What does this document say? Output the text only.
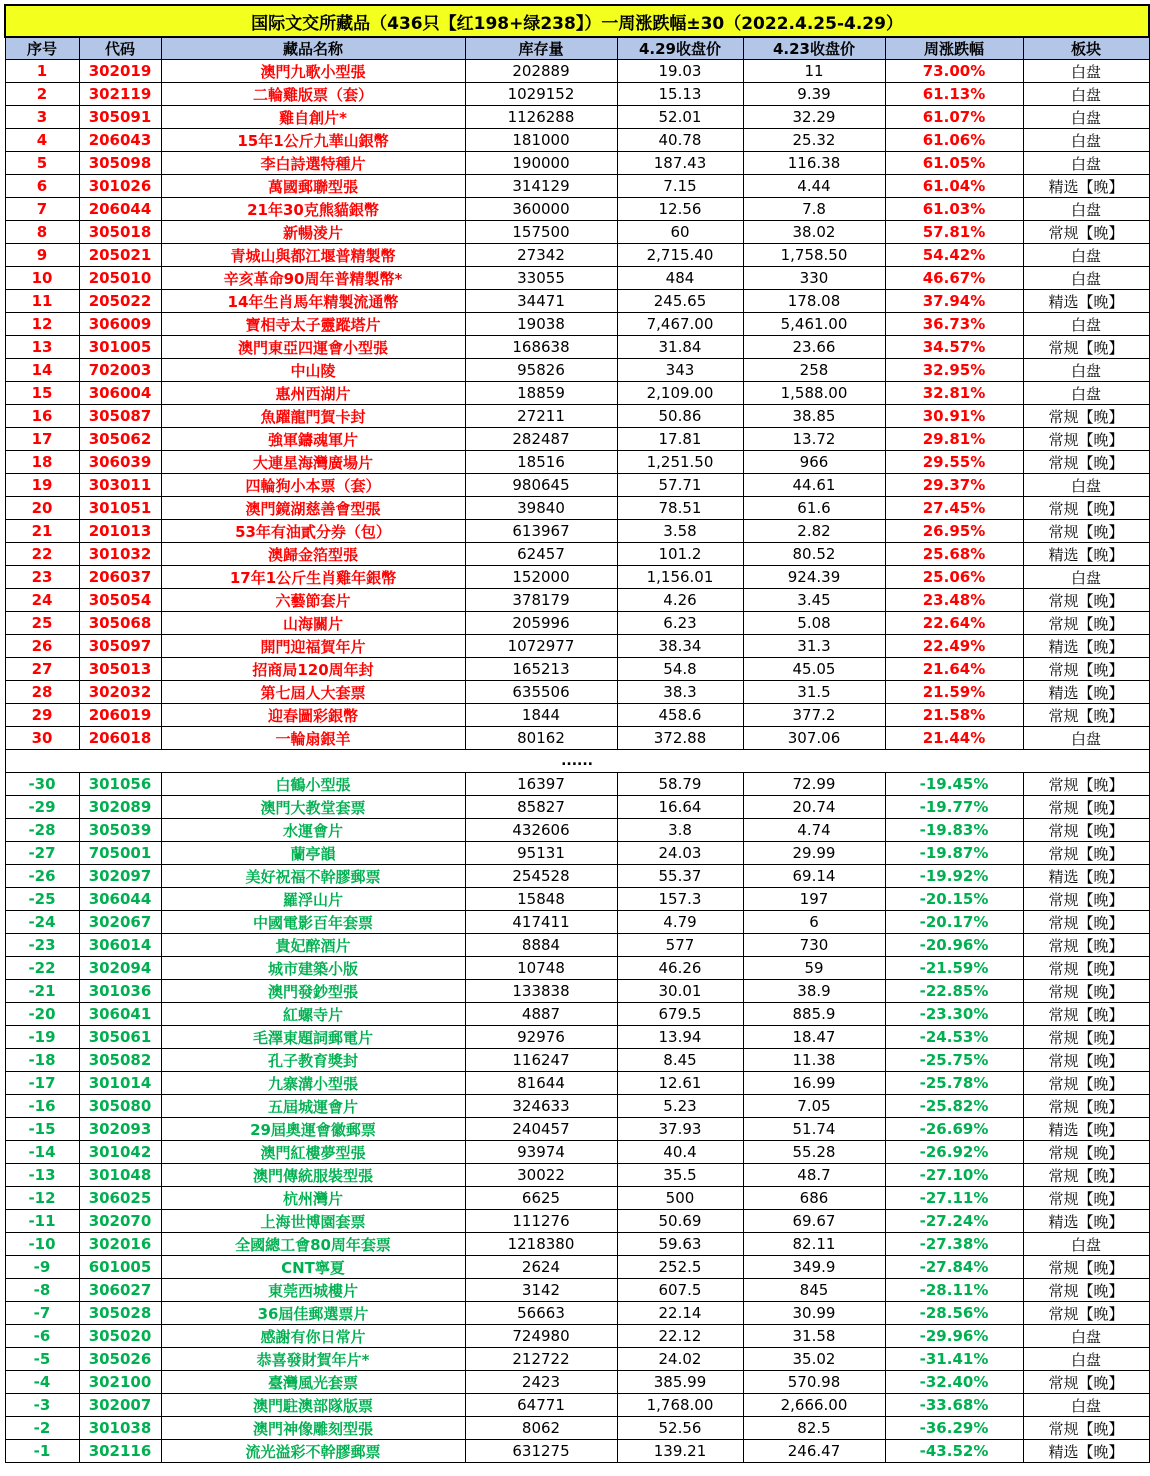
国际文交所藏品（436只【红198+绿238】）一周涨跌幅±30（2022.4.25-4.29）							
序号	代码	藏品名称	库存量	4.29收盘价	4.23收盘价	周涨跌幅	板块
1	302019	澳門九歌小型張	202889	19.03	11	73.00%	白盘
2	302119	二輪雞版票（套）	1029152	15.13	9.39	61.13%	白盘
3	305091	雞自創片*	1126288	52.01	32.29	61.07%	白盘
4	206043	15年1公斤九華山銀幣	181000	40.78	25.32	61.06%	白盘
5	305098	李白詩選特種片	190000	187.43	116.38	61.05%	白盘
6	301026	萬國郵聯型張	314129	7.15	4.44	61.04%	精选【晚】
7	206044	21年30克熊貓銀幣	360000	12.56	7.8	61.03%	白盘
8	305018	新暢淩片	157500	60	38.02	57.81%	常规【晚】
9	205021	青城山與都江堰普精製幣	27342	2,715.40	1,758.50	54.42%	白盘
10	205010	辛亥革命90周年普精製幣*	33055	484	330	46.67%	白盘
11	205022	14年生肖馬年精製流通幣	34471	245.65	178.08	37.94%	精选【晚】
12	306009	寶相寺太子靈蹤塔片	19038	7,467.00	5,461.00	36.73%	白盘
13	301005	澳門東亞四運會小型張	168638	31.84	23.66	34.57%	常规【晚】
14	702003	中山陵	95826	343	258	32.95%	白盘
15	306004	惠州西湖片	18859	2,109.00	1,588.00	32.81%	白盘
16	305087	魚躍龍門賀卡封	27211	50.86	38.85	30.91%	常规【晚】
17	305062	強軍鑄魂軍片	282487	17.81	13.72	29.81%	常规【晚】
18	306039	大連星海灣廣場片	18516	1,251.50	966	29.55%	常规【晚】
19	303011	四輪狗小本票（套）	980645	57.71	44.61	29.37%	白盘
20	301051	澳門鏡湖慈善會型張	39840	78.51	61.6	27.45%	常规【晚】
21	201013	53年有油貳分券（包）	613967	3.58	2.82	26.95%	常规【晚】
22	301032	澳歸金箔型張	62457	101.2	80.52	25.68%	精选【晚】
23	206037	17年1公斤生肖雞年銀幣	152000	1,156.01	924.39	25.06%	白盘
24	305054	六藝節套片	378179	4.26	3.45	23.48%	常规【晚】
25	305068	山海關片	205996	6.23	5.08	22.64%	常规【晚】
26	305097	開門迎福賀年片	1072977	38.34	31.3	22.49%	精选【晚】
27	305013	招商局120周年封	165213	54.8	45.05	21.64%	常规【晚】
28	302032	第七屆人大套票	635506	38.3	31.5	21.59%	精选【晚】
29	206019	迎春圖彩銀幣	1844	458.6	377.2	21.58%	常规【晚】
30	206018	一輪扇銀羊	80162	372.88	307.06	21.44%	白盘
......							
-30	301056	白鶴小型張	16397	58.79	72.99	-19.45%	常规【晚】
-29	302089	澳門大教堂套票	85827	16.64	20.74	-19.77%	常规【晚】
-28	305039	水運會片	432606	3.8	4.74	-19.83%	常规【晚】
-27	705001	蘭亭韻	95131	24.03	29.99	-19.87%	常规【晚】
-26	302097	美好祝福不幹膠郵票	254528	55.37	69.14	-19.92%	精选【晚】
-25	306044	羅浮山片	15848	157.3	197	-20.15%	常规【晚】
-24	302067	中國電影百年套票	417411	4.79	6	-20.17%	常规【晚】
-23	306014	貴妃醉酒片	8884	577	730	-20.96%	常规【晚】
-22	302094	城市建築小版	10748	46.26	59	-21.59%	常规【晚】
-21	301036	澳門發鈔型張	133838	30.01	38.9	-22.85%	常规【晚】
-20	306041	紅螺寺片	4887	679.5	885.9	-23.30%	常规【晚】
-19	305061	毛澤東題詞郵電片	92976	13.94	18.47	-24.53%	常规【晚】
-18	305082	孔子教育獎封	116247	8.45	11.38	-25.75%	常规【晚】
-17	301014	九寨溝小型張	81644	12.61	16.99	-25.78%	常规【晚】
-16	305080	五屆城運會片	324633	5.23	7.05	-25.82%	常规【晚】
-15	302093	29屆奧運會徽郵票	240457	37.93	51.74	-26.69%	精选【晚】
-14	301042	澳門紅樓夢型張	93974	40.4	55.28	-26.92%	常规【晚】
-13	301048	澳門傳統服裝型張	30022	35.5	48.7	-27.10%	常规【晚】
-12	306025	杭州灣片	6625	500	686	-27.11%	常规【晚】
-11	302070	上海世博園套票	111276	50.69	69.67	-27.24%	精选【晚】
-10	302016	全國總工會80周年套票	1218380	59.63	82.11	-27.38%	白盘
-9	601005	CNT寧夏	2624	252.5	349.9	-27.84%	常规【晚】
-8	306027	東莞西城樓片	3142	607.5	845	-28.11%	常规【晚】
-7	305028	36屆佳郵選票片	56663	22.14	30.99	-28.56%	常规【晚】
-6	305020	感謝有你日常片	724980	22.12	31.58	-29.96%	白盘
-5	305026	恭喜發財賀年片*	212722	24.02	35.02	-31.41%	白盘
-4	302100	臺灣風光套票	2423	385.99	570.98	-32.40%	常规【晚】
-3	302007	澳門駐澳部隊版票	64771	1,768.00	2,666.00	-33.68%	白盘
-2	301038	澳門神像雕刻型張	8062	52.56	82.5	-36.29%	常规【晚】
-1	302116	流光溢彩不幹膠郵票	631275	139.21	246.47	-43.52%	精选【晚】
